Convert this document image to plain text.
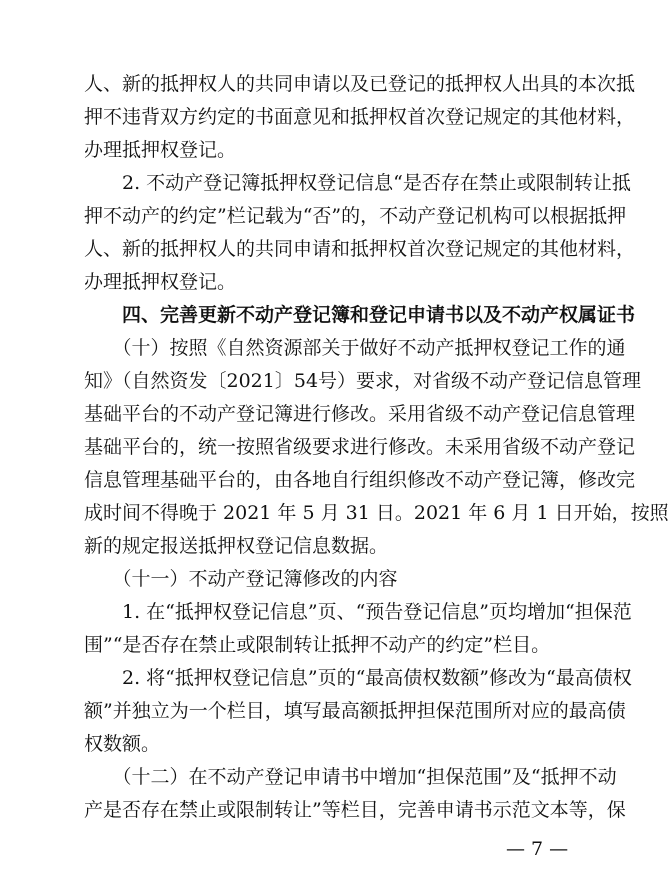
人、新的抵押权人的共同申请以及已登记的抵押权人出具的本次抵
押不违背双方约定的书面意见和抵押权首次登记规定的其他材料，
办理抵押权登记。
　　2. 不动产登记簿抵押权登记信息“是否存在禁止或限制转让抵
押不动产的约定”栏记载为“否”的，不动产登记机构可以根据抵押
人、新的抵押权人的共同申请和抵押权首次登记规定的其他材料，
办理抵押权登记。
　　四、完善更新不动产登记簿和登记申请书以及不动产权属证书
　　（十）按照《自然资源部关于做好不动产抵押权登记工作的通
知》（自然资发〔2021〕54号）要求，对省级不动产登记信息管理
基础平台的不动产登记簿进行修改。采用省级不动产登记信息管理
基础平台的，统一按照省级要求进行修改。未采用省级不动产登记
信息管理基础平台的，由各地自行组织修改不动产登记簿，修改完
成时间不得晚于 2021 年 5 月 31 日。2021 年 6 月 1 日开始，按照
新的规定报送抵押权登记信息数据。
　　（十一）不动产登记簿修改的内容
　　1. 在“抵押权登记信息”页、“预告登记信息”页均增加“担保范
围”“是否存在禁止或限制转让抵押不动产的约定”栏目。
　　2. 将“抵押权登记信息”页的“最高债权数额”修改为“最高债权
额”并独立为一个栏目，填写最高额抵押担保范围所对应的最高债
权数额。
　　（十二）在不动产登记申请书中增加“担保范围”及“抵押不动
产是否存在禁止或限制转让”等栏目，完善申请书示范文本等，保
— 7 —
